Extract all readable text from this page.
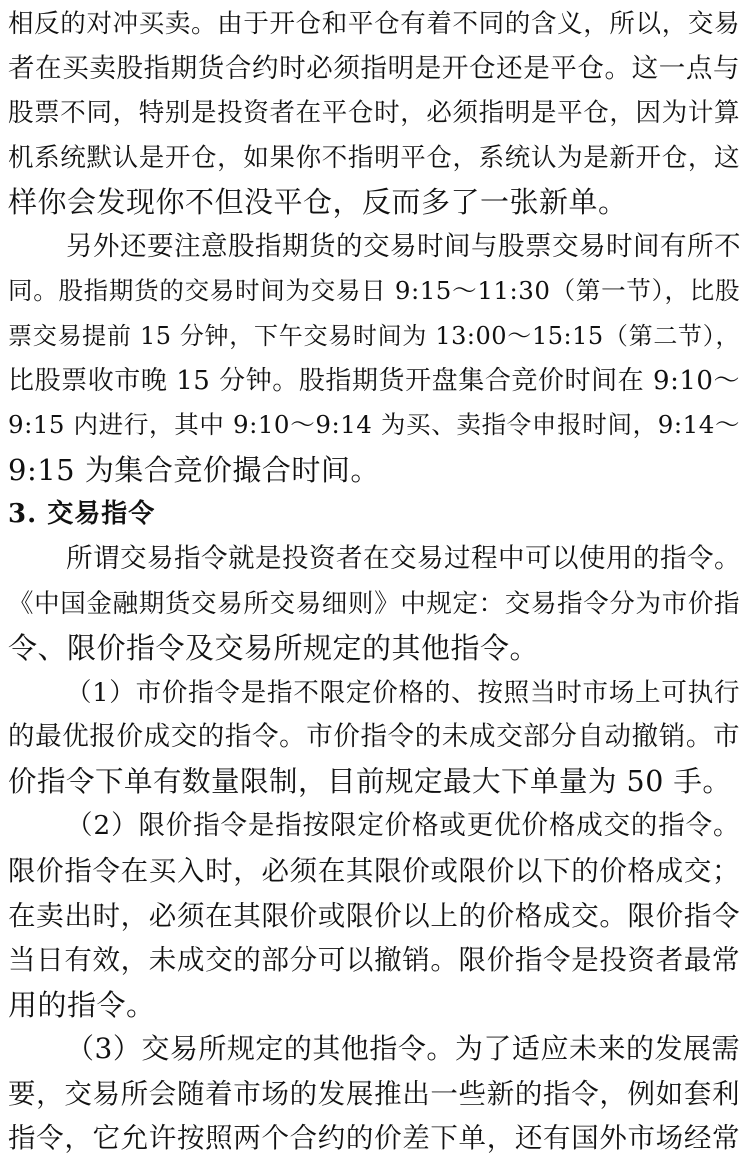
相反的对冲买卖。由于开仓和平仓有着不同的含义，所以，交易
者在买卖股指期货合约时必须指明是开仓还是平仓。这一点与
股票不同，特别是投资者在平仓时，必须指明是平仓，因为计算
机系统默认是开仓，如果你不指明平仓，系统认为是新开仓，这
样你会发现你不但没平仓，反而多了一张新单。
另外还要注意股指期货的交易时间与股票交易时间有所不
同。股指期货的交易时间为交易日 9:15～11:30（第一节），比股
票交易提前 15 分钟，下午交易时间为 13:00～15:15（第二节），
比股票收市晚 15 分钟。股指期货开盘集合竞价时间在 9:10～
9:15 内进行，其中 9:10～9:14 为买、卖指令申报时间，9:14～
9:15 为集合竞价撮合时间。
3. 交易指令
所谓交易指令就是投资者在交易过程中可以使用的指令。
《中国金融期货交易所交易细则》中规定：交易指令分为市价指
令、限价指令及交易所规定的其他指令。
（1）市价指令是指不限定价格的、按照当时市场上可执行
的最优报价成交的指令。市价指令的未成交部分自动撤销。市
价指令下单有数量限制，目前规定最大下单量为 50 手。
（2）限价指令是指按限定价格或更优价格成交的指令。
限价指令在买入时，必须在其限价或限价以下的价格成交；
在卖出时，必须在其限价或限价以上的价格成交。限价指令
当日有效，未成交的部分可以撤销。限价指令是投资者最常
用的指令。
（3）交易所规定的其他指令。为了适应未来的发展需
要，交易所会随着市场的发展推出一些新的指令，例如套利
指令，它允许按照两个合约的价差下单，还有国外市场经常
